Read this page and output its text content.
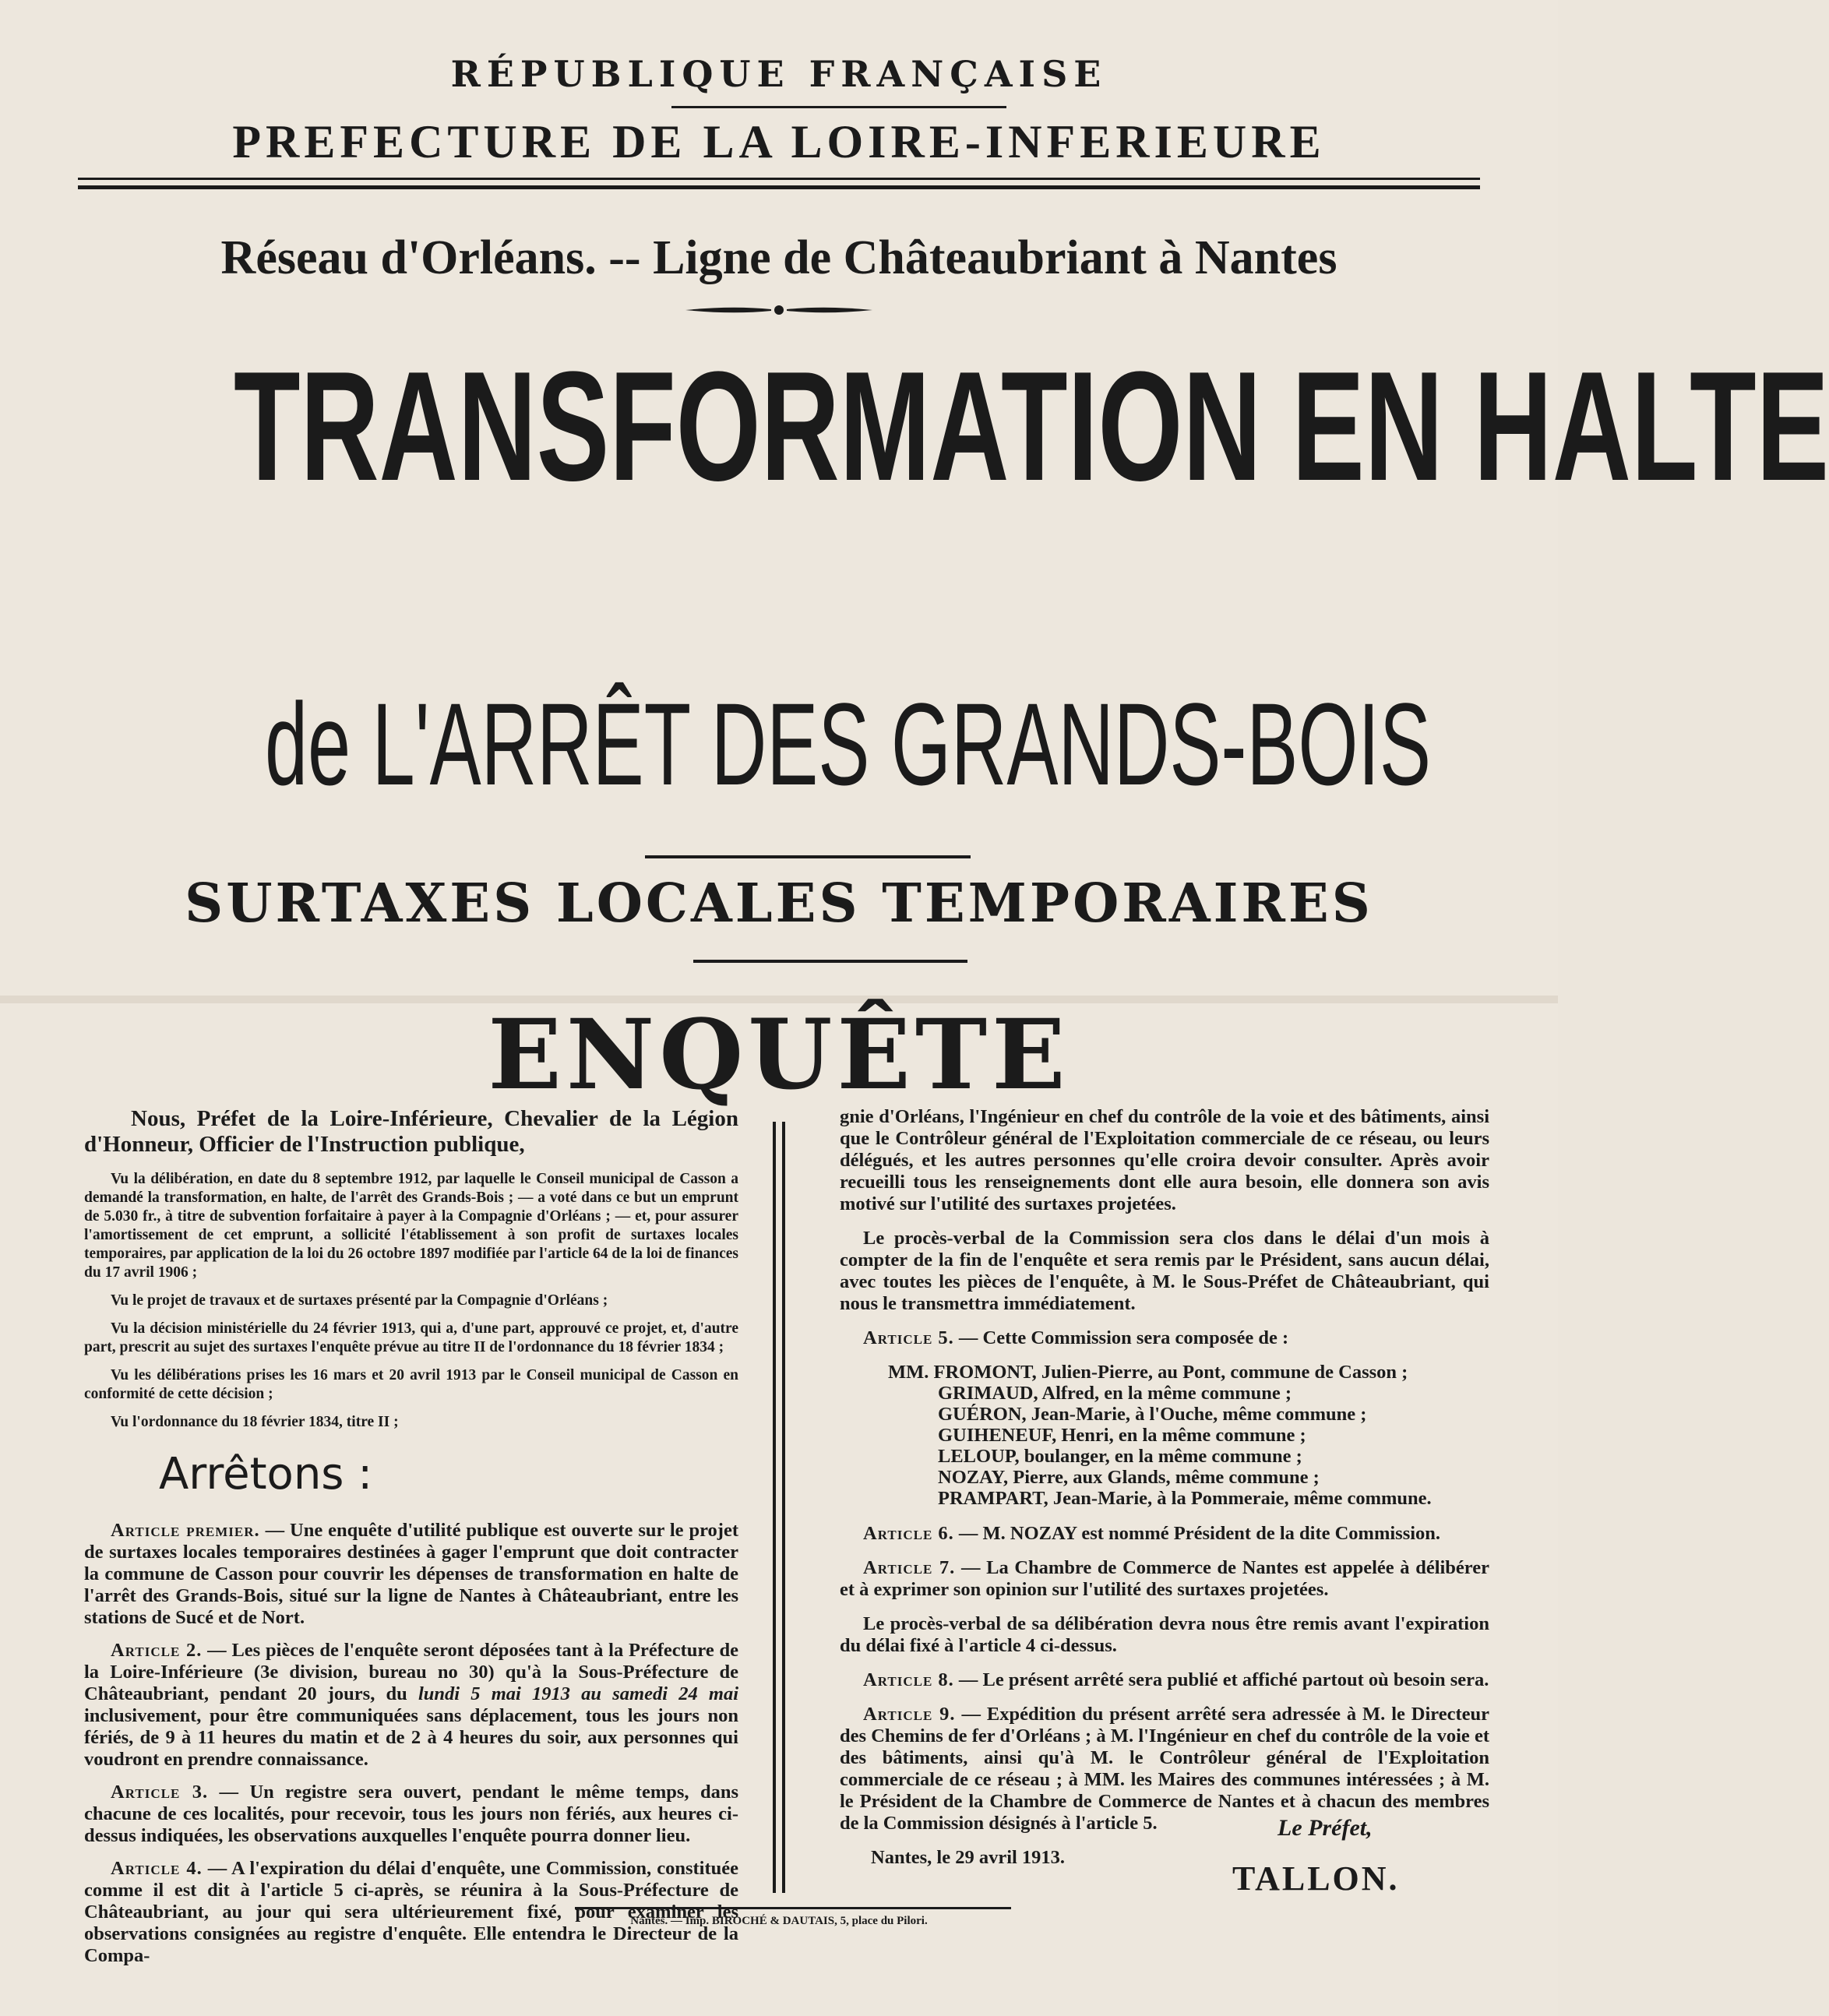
RÉPUBLIQUE FRANÇAISE
PREFECTURE DE LA LOIRE-INFERIEURE
Réseau d'Orléans. -- Ligne de Châteaubriant à Nantes
TRANSFORMATION EN HALTE
de L'ARRÊT DES GRANDS-BOIS
SURTAXES LOCALES TEMPORAIRES
ENQUÊTE

Nous, Préfet de la Loire-Inférieure, Chevalier de la Légion d'Honneur, Officier de l'Instruction publique,

Vu la délibération, en date du 8 septembre 1912, par laquelle le Conseil municipal de Casson a demandé la transformation, en halte, de l'arrêt des Grands-Bois ; — a voté dans ce but un emprunt de 5.030 fr., à titre de subvention forfaitaire à payer à la Compagnie d'Orléans ; — et, pour assurer l'amortissement de cet emprunt, a sollicité l'établissement à son profit de surtaxes locales temporaires, par application de la loi du 26 octobre 1897 modifiée par l'article 64 de la loi de finances du 17 avril 1906 ;

Vu le projet de travaux et de surtaxes présenté par la Compagnie d'Orléans ;

Vu la décision ministérielle du 24 février 1913, qui a, d'une part, approuvé ce projet, et, d'autre part, prescrit au sujet des surtaxes l'enquête prévue au titre II de l'ordonnance du 18 février 1834 ;

Vu les délibérations prises les 16 mars et 20 avril 1913 par le Conseil municipal de Casson en conformité de cette décision ;

Vu l'ordonnance du 18 février 1834, titre II ;

Arrêtons :

Article premier. — Une enquête d'utilité publique est ouverte sur le projet de surtaxes locales temporaires destinées à gager l'emprunt que doit contracter la commune de Casson pour couvrir les dépenses de transformation en halte de l'arrêt des Grands-Bois, situé sur la ligne de Nantes à Châteaubriant, entre les stations de Sucé et de Nort.

Article 2. — Les pièces de l'enquête seront déposées tant à la Préfecture de la Loire-Inférieure (3e division, bureau no 30) qu'à la Sous-Préfecture de Châteaubriant, pendant 20 jours, du lundi 5 mai 1913 au samedi 24 mai inclusivement, pour être communiquées sans déplacement, tous les jours non fériés, de 9 à 11 heures du matin et de 2 à 4 heures du soir, aux personnes qui voudront en prendre connaissance.

Article 3. — Un registre sera ouvert, pendant le même temps, dans chacune de ces localités, pour recevoir, tous les jours non fériés, aux heures ci-dessus indiquées, les observations auxquelles l'enquête pourra donner lieu.

Article 4. — A l'expiration du délai d'enquête, une Commission, constituée comme il est dit à l'article 5 ci-après, se réunira à la Sous-Préfecture de Châteaubriant, au jour qui sera ultérieurement fixé, pour examiner les observations consignées au registre d'enquête. Elle entendra le Directeur de la Compa-

gnie d'Orléans, l'Ingénieur en chef du contrôle de la voie et des bâtiments, ainsi que le Contrôleur général de l'Exploitation commerciale de ce réseau, ou leurs délégués, et les autres personnes qu'elle croira devoir consulter. Après avoir recueilli tous les renseignements dont elle aura besoin, elle donnera son avis motivé sur l'utilité des surtaxes projetées.

Le procès-verbal de la Commission sera clos dans le délai d'un mois à compter de la fin de l'enquête et sera remis par le Président, sans aucun délai, avec toutes les pièces de l'enquête, à M. le Sous-Préfet de Châteaubriant, qui nous le transmettra immédiatement.

Article 5. — Cette Commission sera composée de :

MM. FROMONT, Julien-Pierre, au Pont, commune de Casson ;
GRIMAUD, Alfred, en la même commune ;
GUÉRON, Jean-Marie, à l'Ouche, même commune ;
GUIHENEUF, Henri, en la même commune ;
LELOUP, boulanger, en la même commune ;
NOZAY, Pierre, aux Glands, même commune ;
PRAMPART, Jean-Marie, à la Pommeraie, même commune.

Article 6. — M. NOZAY est nommé Président de la dite Commission.

Article 7. — La Chambre de Commerce de Nantes est appelée à délibérer et à exprimer son opinion sur l'utilité des surtaxes projetées.

Le procès-verbal de sa délibération devra nous être remis avant l'expiration du délai fixé à l'article 4 ci-dessus.

Article 8. — Le présent arrêté sera publié et affiché partout où besoin sera.

Article 9. — Expédition du présent arrêté sera adressée à M. le Directeur des Chemins de fer d'Orléans ; à M. l'Ingénieur en chef du contrôle de la voie et des bâtiments, ainsi qu'à M. le Contrôleur général de l'Exploitation commerciale de ce réseau ; à MM. les Maires des communes intéressées ; à M. le Président de la Chambre de Commerce de Nantes et à chacun des membres de la Commission désignés à l'article 5.

Nantes, le 29 avril 1913.
Le Préfet,
TALLON.
Nantes. — Imp. BIROCHÉ & DAUTAIS, 5, place du Pilori.
